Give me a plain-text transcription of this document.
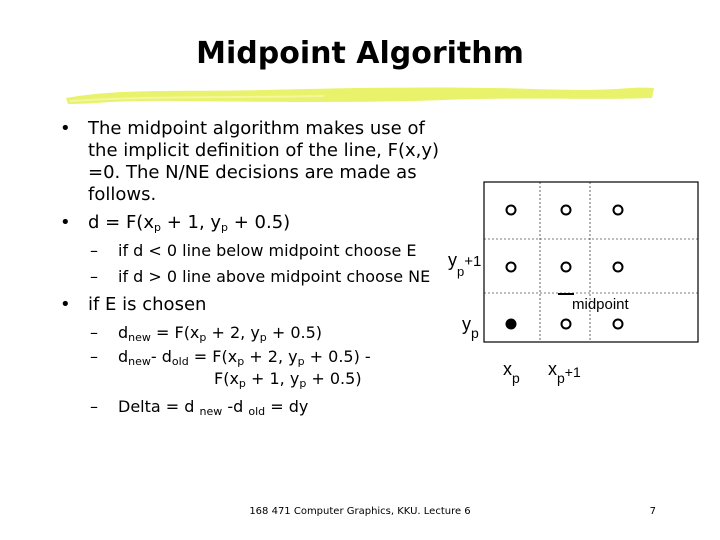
Midpoint Algorithm

• The midpoint algorithm makes use of the implicit definition of the line, F(x,y) =0. The N/NE decisions are made as follows.

• $d = F(x_p + 1$, $y_p + 0.5$)

– if d < 0 line below midpoint choose E

– if d > 0 line above midpoint choose NE

• if E is chosen

– $d_{new} = F(x_p + 2$, $y_p + 0.5$)

– $d_{new}-$ $d_{old} = F(x_p + 2$, $y_p + 0.5$) -
$F(x_p + 1$, $y_p + 0.5$)

– Delta = d $_{new}$ -d $_{old}$ = dy

$y_p^{+1}$
$y_p$
midpoint
$x_p$ $x_p^{+1}$
168 471 Computer Graphics, KKU. Lecture 6	7
